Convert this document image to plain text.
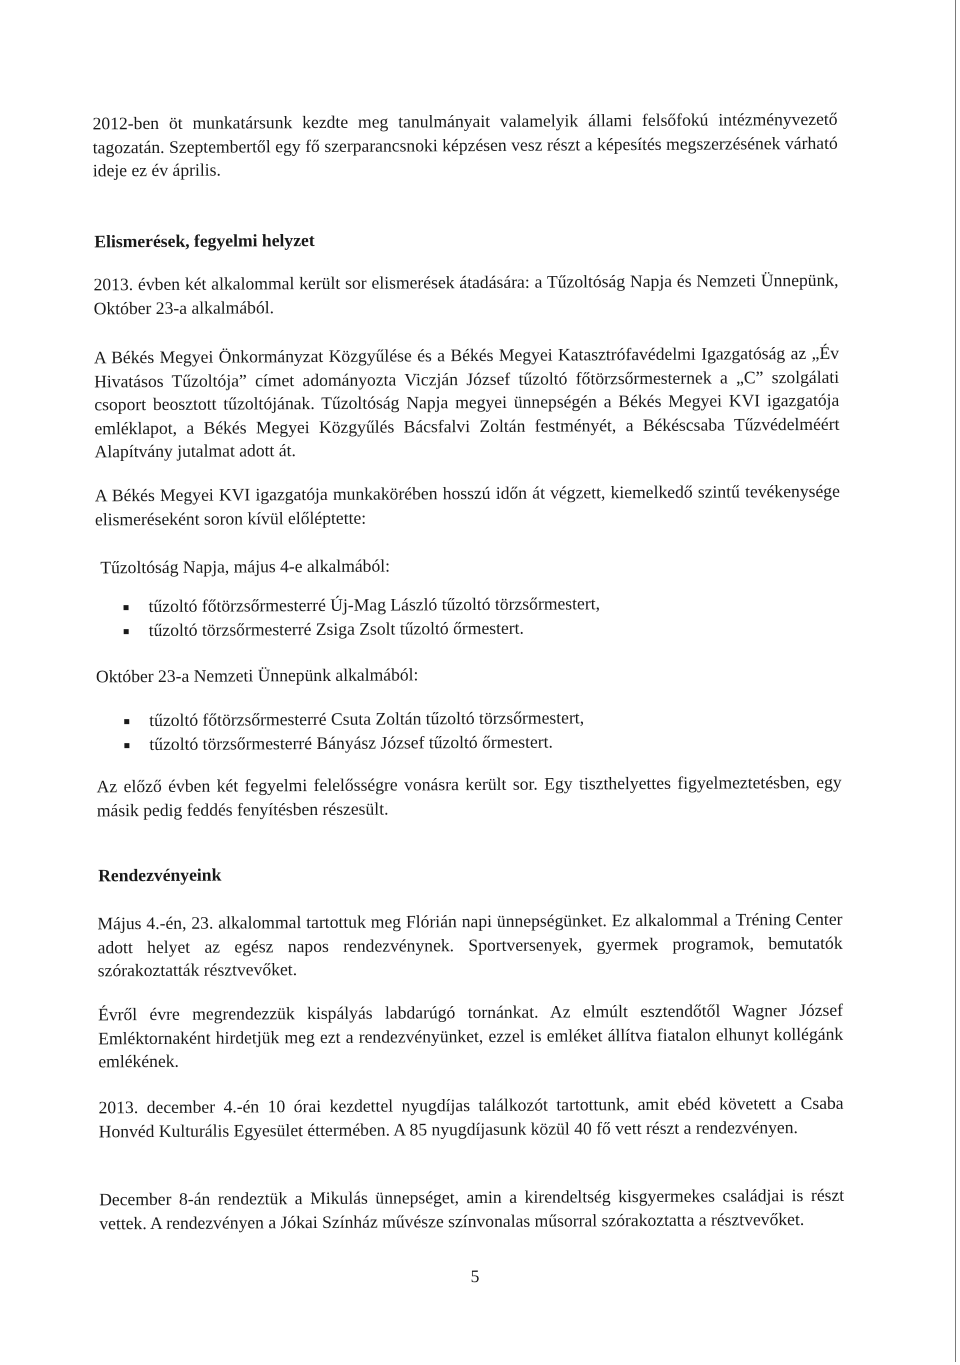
2012-ben öt munkatársunk kezdte meg tanulmányait valamelyik állami felsőfokú intézményvezető tagozatán. Szeptembertől egy fő szerparancsnoki képzésen vesz részt a képesítés megszerzésének várható ideje ez év április.

Elismerések, fegyelmi helyzet

2013. évben két alkalommal került sor elismerések átadására: a Tűzoltóság Napja és Nemzeti Ünnepünk, Október 23-a alkalmából.

A Békés Megyei Önkormányzat Közgyűlése és a Békés Megyei Katasztrófavédelmi Igazgatóság az „Év Hivatásos Tűzoltója” címet adományozta Viczján József tűzoltó főtörzsőrmesternek a „C” szolgálati csoport beosztott tűzoltójának. Tűzoltóság Napja megyei ünnepségén a Békés Megyei KVI igazgatója emléklapot, a Békés Megyei Közgyűlés Bácsfalvi Zoltán festményét, a Békéscsaba Tűzvédelméért Alapítvány jutalmat adott át.

A Békés Megyei KVI igazgatója munkakörében hosszú időn át végzett, kiemelkedő szintű tevékenysége elismeréseként soron kívül előléptette:

Tűzoltóság Napja, május 4-e alkalmából:

tűzoltó főtörzsőrmesterré Új-Mag László tűzoltó törzsőrmestert,
tűzoltó törzsőrmesterré Zsiga Zsolt tűzoltó őrmestert.

Október 23-a Nemzeti Ünnepünk alkalmából:

tűzoltó főtörzsőrmesterré Csuta Zoltán tűzoltó törzsőrmestert,
tűzoltó törzsőrmesterré Bányász József tűzoltó őrmestert.

Az előző évben két fegyelmi felelősségre vonásra került sor. Egy tiszthelyettes figyelmeztetésben, egy másik pedig feddés fenyítésben részesült.

Rendezvényeink

Május 4.-én, 23. alkalommal tartottuk meg Flórián napi ünnepségünket. Ez alkalommal a Tréning Center adott helyet az egész napos rendezvénynek. Sportversenyek, gyermek programok, bemutatók szórakoztatták résztvevőket.

Évről évre megrendezzük kispályás labdarúgó tornánkat. Az elmúlt esztendőtől Wagner József Emléktornaként hirdetjük meg ezt a rendezvényünket, ezzel is emléket állítva fiatalon elhunyt kollégánk emlékének.

2013. december 4.-én 10 órai kezdettel nyugdíjas találkozót tartottunk, amit ebéd követett a Csaba Honvéd Kulturális Egyesület éttermében. A 85 nyugdíjasunk közül 40 fő vett részt a rendezvényen.

December 8-án rendeztük a Mikulás ünnepséget, amin a kirendeltség kisgyermekes családjai is részt vettek. A rendezvényen a Jókai Színház művésze színvonalas műsorral szórakoztatta a résztvevőket.

5
